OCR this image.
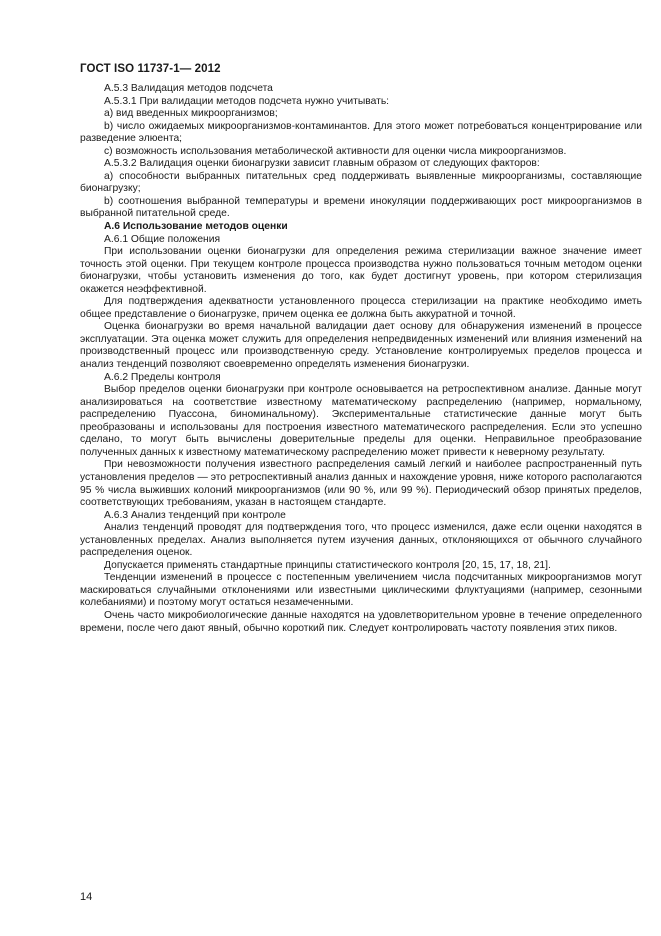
ГОСТ ISO 11737-1— 2012

А.5.3 Валидация методов подсчета

А.5.3.1 При валидации методов подсчета нужно учитывать:

а) вид введенных микроорганизмов;

b) число ожидаемых микроорганизмов-контаминантов. Для этого может потребоваться концентрирование или разведение элюента;

с) возможность использования метаболической активности для оценки числа микроорганизмов.

А.5.3.2 Валидация оценки бионагрузки зависит главным образом от следующих факторов:

а) способности выбранных питательных сред поддерживать выявленные микроорганизмы, составляющие бионагрузку;

b) соотношения выбранной температуры и времени инокуляции поддерживающих рост микроорганизмов в выбранной питательной среде.

А.6 Использование методов оценки

А.6.1 Общие положения

При использовании оценки бионагрузки для определения режима стерилизации важное значение имеет точность этой оценки. При текущем контроле процесса производства нужно пользоваться точным методом оценки бионагрузки, чтобы установить изменения до того, как будет достигнут уровень, при котором стерилизация окажется неэффективной.

Для подтверждения адекватности установленного процесса стерилизации на практике необходимо иметь общее представление о бионагрузке, причем оценка ее должна быть аккуратной и точной.

Оценка бионагрузки во время начальной валидации дает основу для обнаружения изменений в процессе эксплуатации. Эта оценка может служить для определения непредвиденных изменений или влияния изменений на производственный процесс или производственную среду. Установление контролируемых пределов процесса и анализ тенденций позволяют своевременно определять изменения бионагрузки.

А.6.2 Пределы контроля

Выбор пределов оценки бионагрузки при контроле основывается на ретроспективном анализе. Данные могут анализироваться на соответствие известному математическому распределению (например, нормальному, распределению Пуассона, биноминальному). Экспериментальные статистические данные могут быть преобразованы и использованы для построения известного математического распределения. Если это успешно сделано, то могут быть вычислены доверительные пределы для оценки. Неправильное преобразование полученных данных к известному математическому распределению может привести к неверному результату.

При невозможности получения известного распределения самый легкий и наиболее распространенный путь установления пределов — это ретроспективный анализ данных и нахождение уровня, ниже которого располагаются 95 % числа выживших колоний микроорганизмов (или 90 %, или 99 %). Периодический обзор принятых пределов, соответствующих требованиям, указан в настоящем стандарте.

А.6.3 Анализ тенденций при контроле

Анализ тенденций проводят для подтверждения того, что процесс изменился, даже если оценки находятся в установленных пределах. Анализ выполняется путем изучения данных, отклоняющихся от обычного случайного распределения оценок.

Допускается применять стандартные принципы статистического контроля [20, 15, 17, 18, 21].

Тенденции изменений в процессе с постепенным увеличением числа подсчитанных микроорганизмов могут маскироваться случайными отклонениями или известными циклическими флуктуациями (например, сезонными колебаниями) и поэтому могут остаться незамеченными.

Очень часто микробиологические данные находятся на удовлетворительном уровне в течение определенного времени, после чего дают явный, обычно короткий пик. Следует контролировать частоту появления этих пиков.

14
